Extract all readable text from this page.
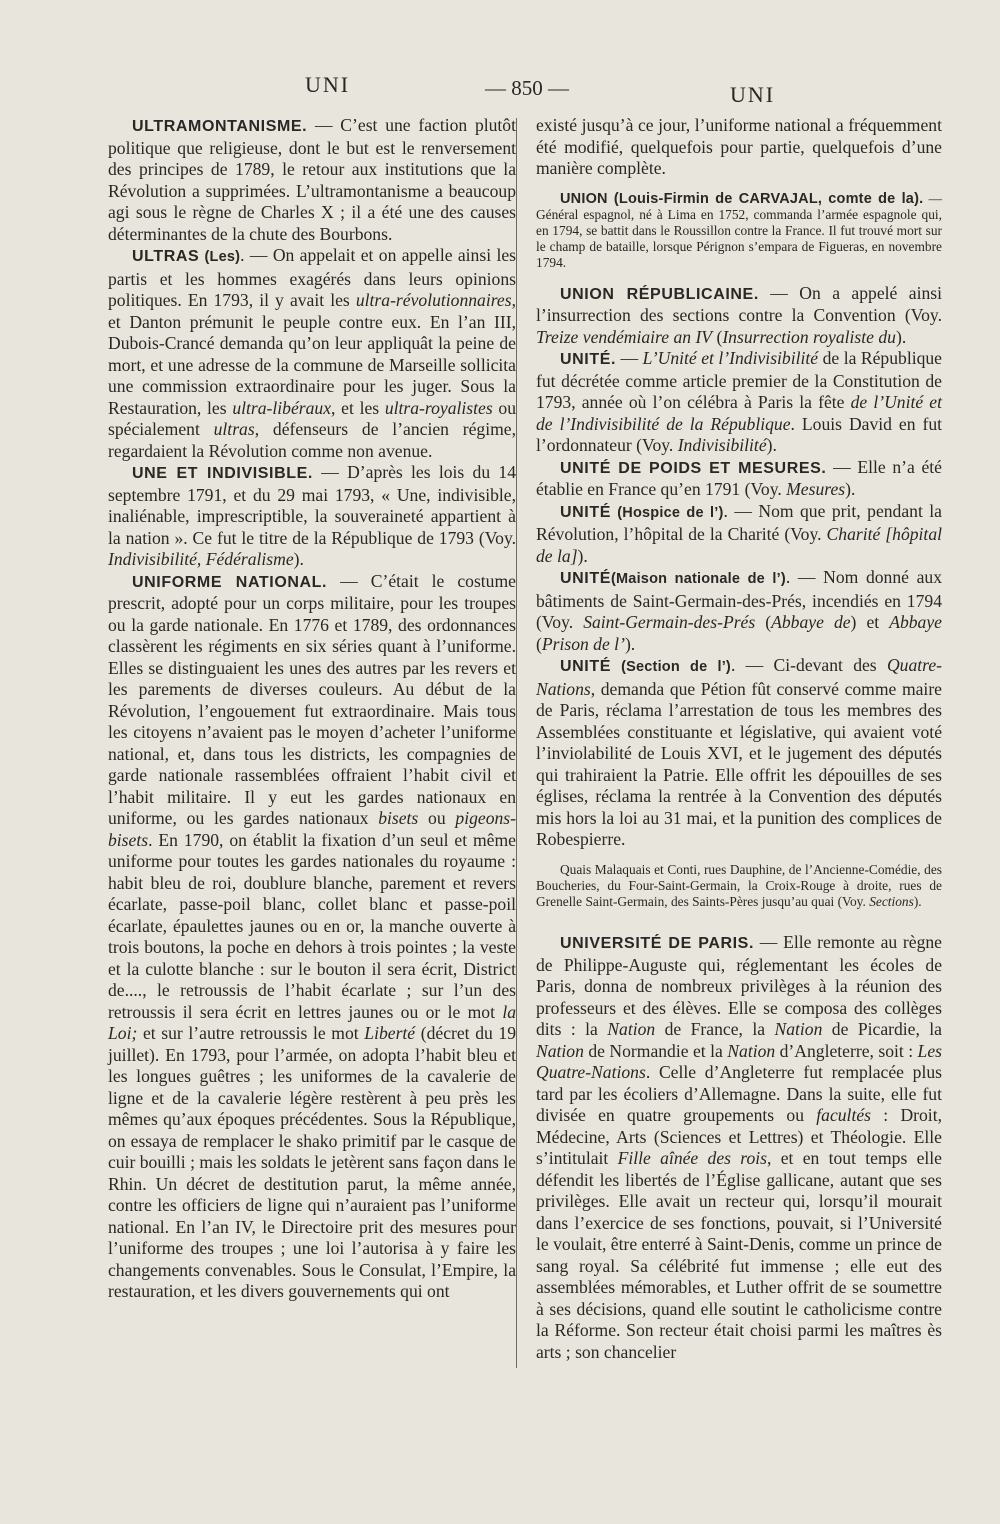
UNI	— 850 —	UNI

ULTRAMONTANISME. — C’est une faction plutôt politique que religieuse, dont le but est le renversement des principes de 1789, le retour aux institutions que la Révolution a supprimées. L’ultramontanisme a beaucoup agi sous le règne de Charles X ; il a été une des causes déterminantes de la chute des Bourbons.

ULTRAS (Les). — On appelait et on appelle ainsi les partis et les hommes exagérés dans leurs opinions politiques. En 1793, il y avait les ultra-révolutionnaires, et Danton prémunit le peuple contre eux. En l’an III, Dubois-Crancé demanda qu’on leur appliquât la peine de mort, et une adresse de la commune de Marseille sollicita une commission extraordinaire pour les juger. Sous la Restauration, les ultra-libéraux, et les ultra-royalistes ou spécialement ultras, défenseurs de l’ancien régime, regardaient la Révolution comme non avenue.

UNE ET INDIVISIBLE. — D’après les lois du 14 septembre 1791, et du 29 mai 1793, « Une, indivisible, inaliénable, imprescriptible, la souveraineté appartient à la nation ». Ce fut le titre de la République de 1793 (Voy. Indivisibilité, Fédéralisme).

UNIFORME NATIONAL. — C’était le costume prescrit, adopté pour un corps militaire, pour les troupes ou la garde nationale. En 1776 et 1789, des ordonnances classèrent les régiments en six séries quant à l’uniforme. Elles se distinguaient les unes des autres par les revers et les parements de diverses couleurs. Au début de la Révolution, l’engouement fut extraordinaire. Mais tous les citoyens n’avaient pas le moyen d’acheter l’uniforme national, et, dans tous les districts, les compagnies de garde nationale rassemblées offraient l’habit civil et l’habit militaire. Il y eut les gardes nationaux en uniforme, ou les gardes nationaux bisets ou pigeons-bisets. En 1790, on établit la fixation d’un seul et même uniforme pour toutes les gardes nationales du royaume : habit bleu de roi, doublure blanche, parement et revers écarlate, passe-poil blanc, collet blanc et passe-poil écarlate, épaulettes jaunes ou en or, la manche ouverte à trois boutons, la poche en dehors à trois pointes ; la veste et la culotte blanche : sur le bouton il sera écrit, District de...., le retroussis de l’habit écarlate ; sur l’un des retroussis il sera écrit en lettres jaunes ou or le mot la Loi; et sur l’autre retroussis le mot Liberté (décret du 19 juillet). En 1793, pour l’armée, on adopta l’habit bleu et les longues guêtres ; les uniformes de la cavalerie de ligne et de la cavalerie légère restèrent à peu près les mêmes qu’aux époques précédentes. Sous la République, on essaya de remplacer le shako primitif par le casque de cuir bouilli ; mais les soldats le jetèrent sans façon dans le Rhin. Un décret de destitution parut, la même année, contre les officiers de ligne qui n’auraient pas l’uniforme national. En l’an IV, le Directoire prit des mesures pour l’uniforme des troupes ; une loi l’autorisa à y faire les changements convenables. Sous le Consulat, l’Empire, la restauration, et les divers gouvernements qui ont

existé jusqu’à ce jour, l’uniforme national a fréquemment été modifié, quelquefois pour partie, quelquefois d’une manière complète.

UNION (Louis-Firmin de CARVAJAL, comte de la). — Général espagnol, né à Lima en 1752, commanda l’armée espagnole qui, en 1794, se battit dans le Roussillon contre la France. Il fut trouvé mort sur le champ de bataille, lorsque Pérignon s’empara de Figueras, en novembre 1794.

UNION RÉPUBLICAINE. — On a appelé ainsi l’insurrection des sections contre la Convention (Voy. Treize vendémiaire an IV (Insurrection royaliste du).

UNITÉ. — L’Unité et l’Indivisibilité de la République fut décrétée comme article premier de la Constitution de 1793, année où l’on célébra à Paris la fête de l’Unité et de l’Indivisibilité de la République. Louis David en fut l’ordonnateur (Voy. Indivisibilité).

UNITÉ DE POIDS ET MESURES. — Elle n’a été établie en France qu’en 1791 (Voy. Mesures).

UNITÉ (Hospice de l’). — Nom que prit, pendant la Révolution, l’hôpital de la Charité (Voy. Charité [hôpital de la]).

UNITÉ(Maison nationale de l’). — Nom donné aux bâtiments de Saint-Germain-des-Prés, incendiés en 1794 (Voy. Saint-Germain-des-Prés (Abbaye de) et Abbaye (Prison de l’).

UNITÉ (Section de l’). — Ci-devant des Quatre-Nations, demanda que Pétion fût conservé comme maire de Paris, réclama l’arrestation de tous les membres des Assemblées constituante et législative, qui avaient voté l’inviolabilité de Louis XVI, et le jugement des députés qui trahiraient la Patrie. Elle offrit les dépouilles de ses églises, réclama la rentrée à la Convention des députés mis hors la loi au 31 mai, et la punition des complices de Robespierre.

Quais Malaquais et Conti, rues Dauphine, de l’Ancienne-Comédie, des Boucheries, du Four-Saint-Germain, la Croix-Rouge à droite, rues de Grenelle Saint-Germain, des Saints-Pères jusqu’au quai (Voy. Sections).

UNIVERSITÉ DE PARIS. — Elle remonte au règne de Philippe-Auguste qui, réglementant les écoles de Paris, donna de nombreux privilèges à la réunion des professeurs et des élèves. Elle se composa des collèges dits : la Nation de France, la Nation de Picardie, la Nation de Normandie et la Nation d’Angleterre, soit : Les Quatre-Nations. Celle d’Angleterre fut remplacée plus tard par les écoliers d’Allemagne. Dans la suite, elle fut divisée en quatre groupements ou facultés : Droit, Médecine, Arts (Sciences et Lettres) et Théologie. Elle s’intitulait Fille aînée des rois, et en tout temps elle défendit les libertés de l’Église gallicane, autant que ses privilèges. Elle avait un recteur qui, lorsqu’il mourait dans l’exercice de ses fonctions, pouvait, si l’Université le voulait, être enterré à Saint-Denis, comme un prince de sang royal. Sa célébrité fut immense ; elle eut des assemblées mémorables, et Luther offrit de se soumettre à ses décisions, quand elle soutint le catholicisme contre la Réforme. Son recteur était choisi parmi les maîtres ès arts ; son chancelier
